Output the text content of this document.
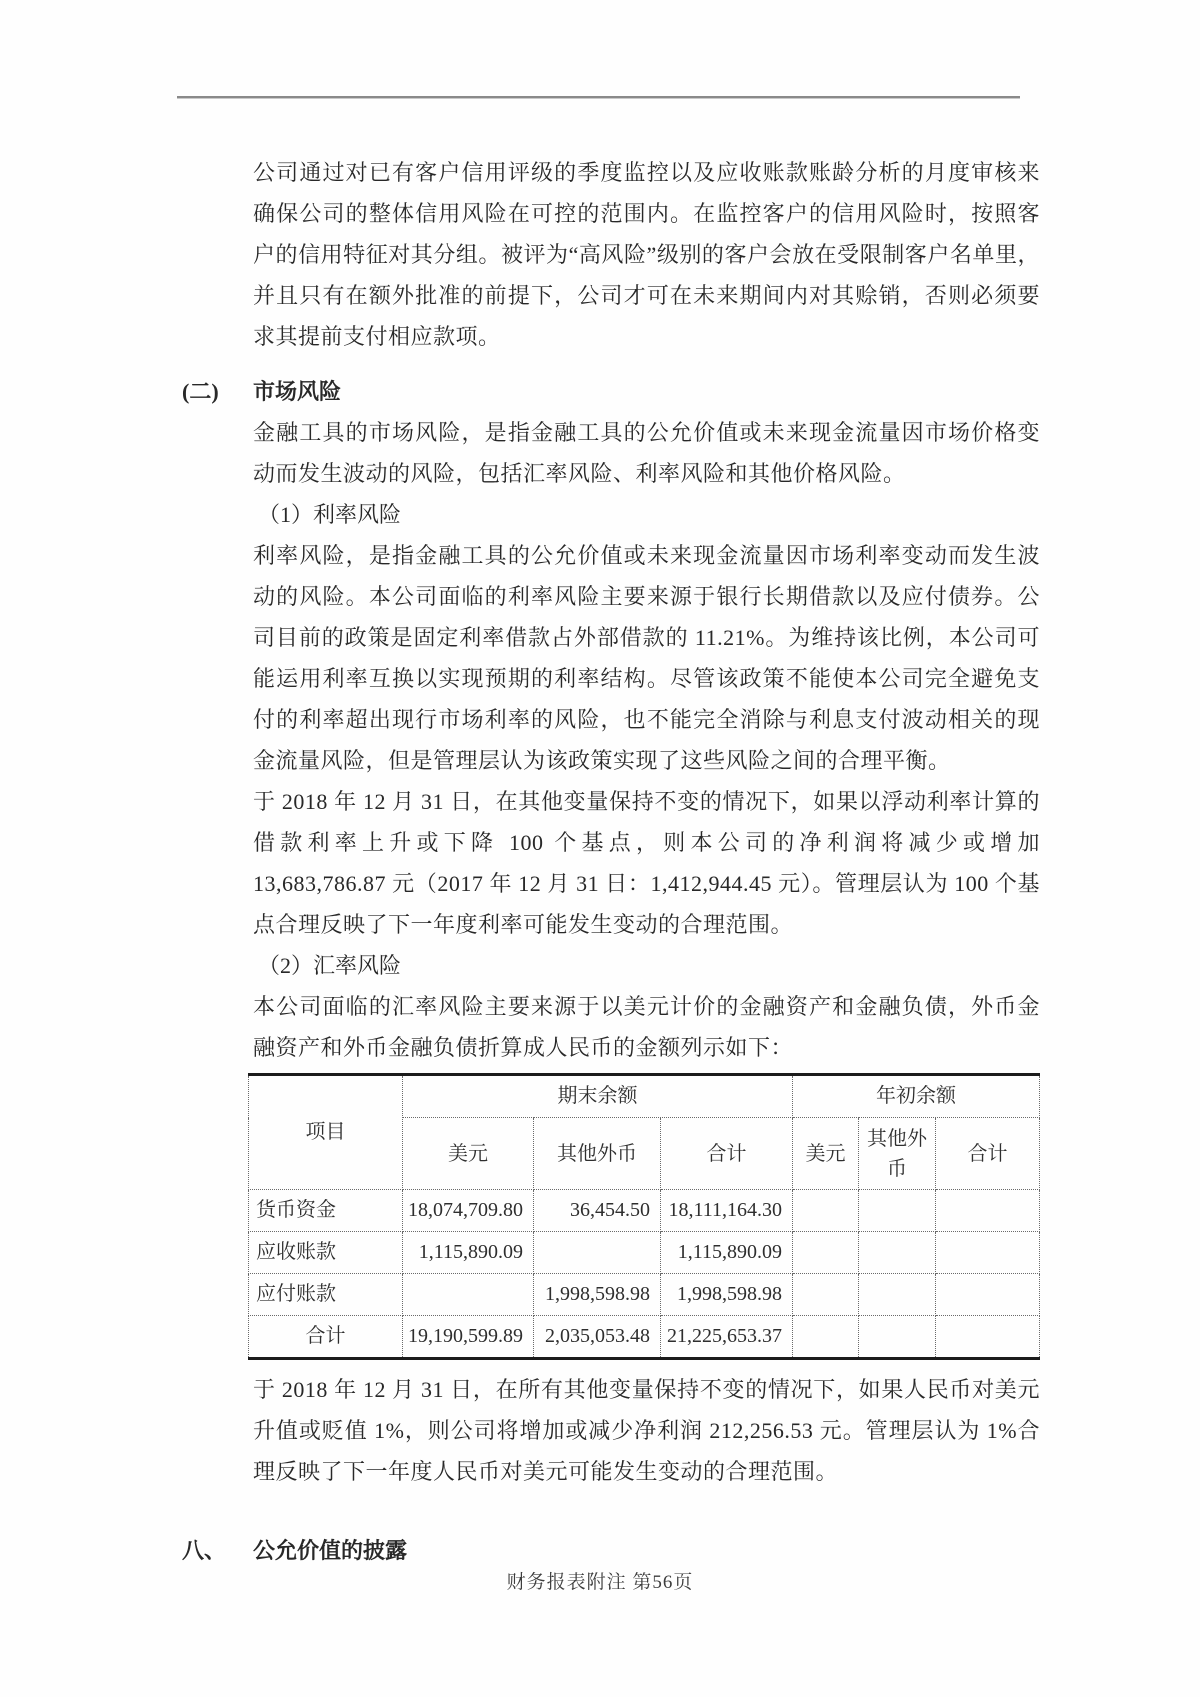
公司通过对已有客户信用评级的季度监控以及应收账款账龄分析的月度审核来确保公司的整体信用风险在可控的范围内。在监控客户的信用风险时，按照客户的信用特征对其分组。被评为“高风险”级别的客户会放在受限制客户名单里，并且只有在额外批准的前提下，公司才可在未来期间内对其赊销，否则必须要求其提前支付相应款项。

(二) 市场风险

金融工具的市场风险，是指金融工具的公允价值或未来现金流量因市场价格变动而发生波动的风险，包括汇率风险、利率风险和其他价格风险。

（1）利率风险

利率风险，是指金融工具的公允价值或未来现金流量因市场利率变动而发生波动的风险。本公司面临的利率风险主要来源于银行长期借款以及应付债券。公司目前的政策是固定利率借款占外部借款的 11.21%。为维持该比例，本公司可能运用利率互换以实现预期的利率结构。尽管该政策不能使本公司完全避免支付的利率超出现行市场利率的风险，也不能完全消除与利息支付波动相关的现金流量风险，但是管理层认为该政策实现了这些风险之间的合理平衡。

于 2018 年 12 月 31 日，在其他变量保持不变的情况下，如果以浮动利率计算的借款利率上升或下降 100 个基点，则本公司的净利润将减少或增加 13,683,786.87 元（2017 年 12 月 31 日：1,412,944.45 元）。管理层认为 100 个基点合理反映了下一年度利率可能发生变动的合理范围。

（2）汇率风险

本公司面临的汇率风险主要来源于以美元计价的金融资产和金融负债，外币金融资产和外币金融负债折算成人民币的金额列示如下：

项目	期末余额			年初余额		
	美元	其他外币	合计	美元	其他外币	合计
货币资金	18,074,709.80	36,454.50	18,111,164.30			
应收账款	1,115,890.09		1,115,890.09			
应付账款		1,998,598.98	1,998,598.98			
合计	19,190,599.89	2,035,053.48	21,225,653.37			

于 2018 年 12 月 31 日，在所有其他变量保持不变的情况下，如果人民币对美元升值或贬值 1%，则公司将增加或减少净利润 212,256.53 元。管理层认为 1%合理反映了下一年度人民币对美元可能发生变动的合理范围。

八、 公允价值的披露
财务报表附注 第56页
